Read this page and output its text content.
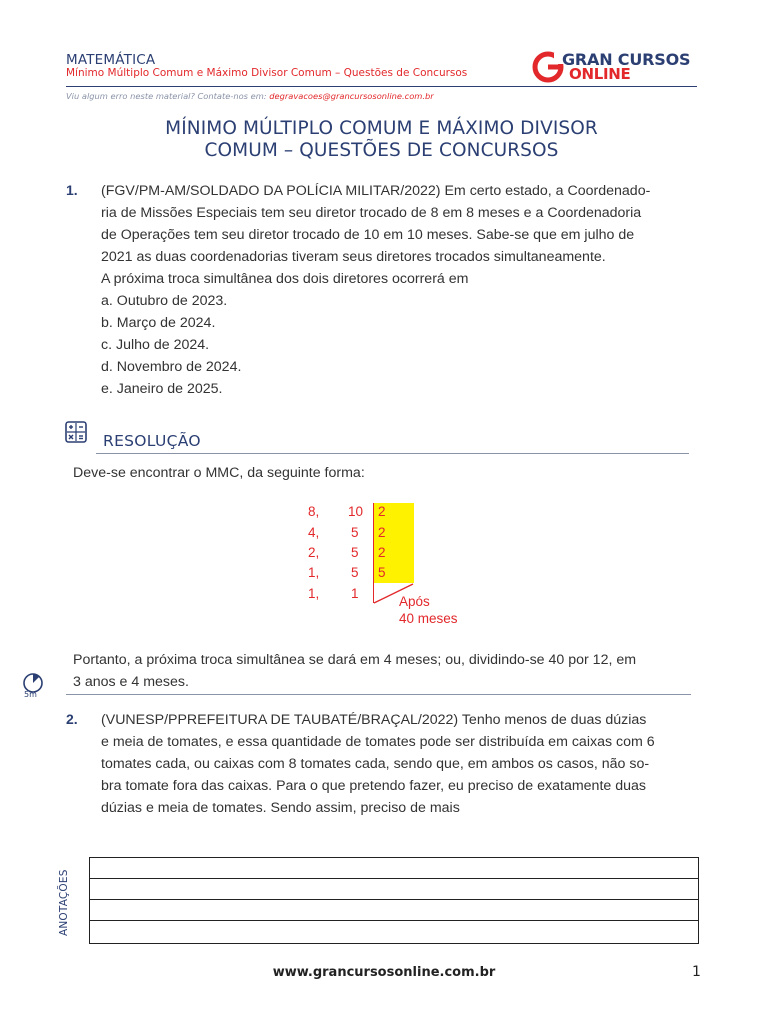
MATEMÁTICA
Mínimo Múltiplo Comum e Máximo Divisor Comum – Questões de Concursos
GRAN CURSOS
ONLINE
Viu algum erro neste material? Contate-nos em: degravacoes@grancursosonline.com.br
MÍNIMO MÚLTIPLO COMUM E MÁXIMO DIVISOR
COMUM – QUESTÕES DE CONCURSOS
1. (FGV/PM-AM/SOLDADO DA POLÍCIA MILITAR/2022) Em certo estado, a Coordenado-
ria de Missões Especiais tem seu diretor trocado de 8 em 8 meses e a Coordenadoria
de Operações tem seu diretor trocado de 10 em 10 meses. Sabe-se que em julho de
2021 as duas coordenadorias tiveram seus diretores trocados simultaneamente.
A próxima troca simultânea dos dois diretores ocorrerá em
a. Outubro de 2023.
b. Março de 2024.
c. Julho de 2024.
d. Novembro de 2024.
e. Janeiro de 2025.
RESOLUÇÃO
Deve-se encontrar o MMC, da seguinte forma:
8, 10 2
4, 5 2
2, 5 2
1, 5 5
1, 1
Após
40 meses
Portanto, a próxima troca simultânea se dará em 4 meses; ou, dividindo-se 40 por 12, em
3 anos e 4 meses.
5m
2. (VUNESP/PPREFEITURA DE TAUBATÉ/BRAÇAL/2022) Tenho menos de duas dúzias
e meia de tomates, e essa quantidade de tomates pode ser distribuída em caixas com 6
tomates cada, ou caixas com 8 tomates cada, sendo que, em ambos os casos, não so-
bra tomate fora das caixas. Para o que pretendo fazer, eu preciso de exatamente duas
dúzias e meia de tomates. Sendo assim, preciso de mais
ANOTAÇÕES
www.grancursosonline.com.br	1
